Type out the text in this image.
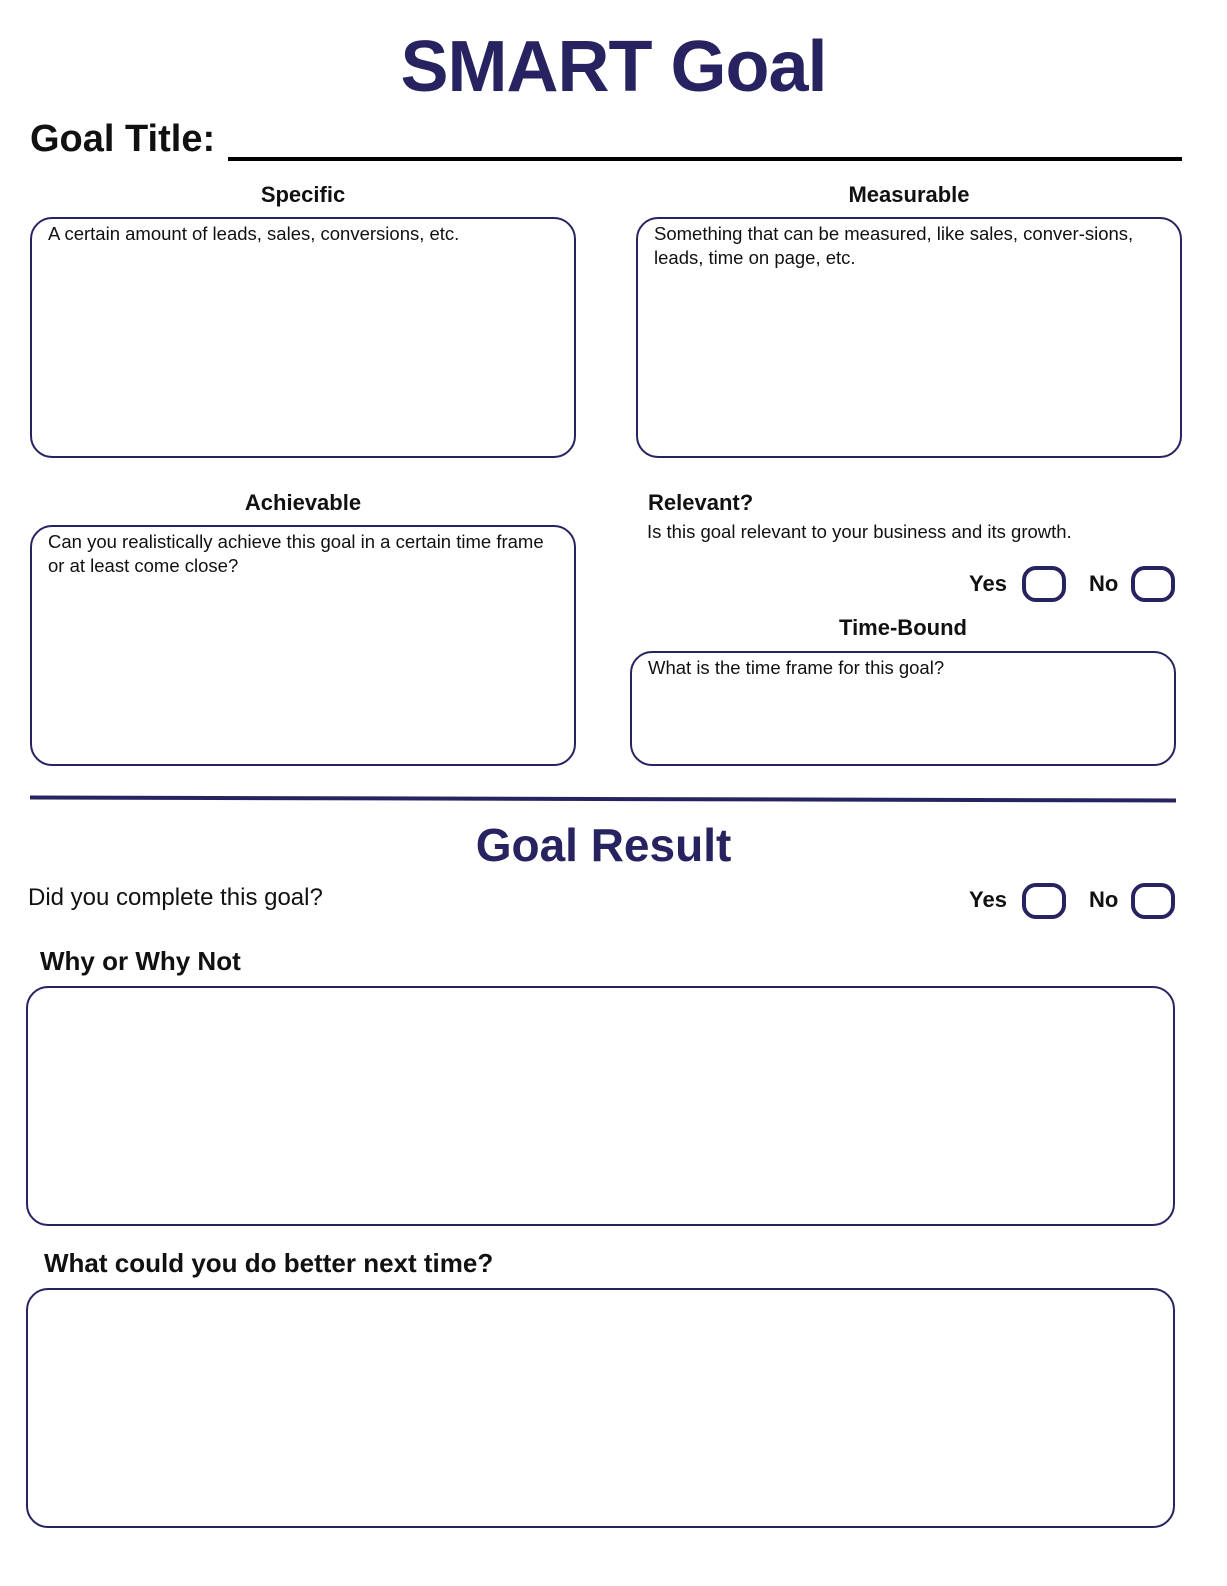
SMART Goal
Goal Title:
Specific
A certain amount of leads, sales, conversions, etc.
Measurable
Something that can be measured, like sales, conver-sions, leads, time on page, etc.
Achievable
Can you realistically achieve this goal in a certain time frame or at least come close?
Relevant?
Is this goal relevant to your business and its growth.
Yes	No
Time-Bound
What is the time frame for this goal?
Goal Result
Did you complete this goal?	Yes	No
Why or Why Not
What could you do better next time?
